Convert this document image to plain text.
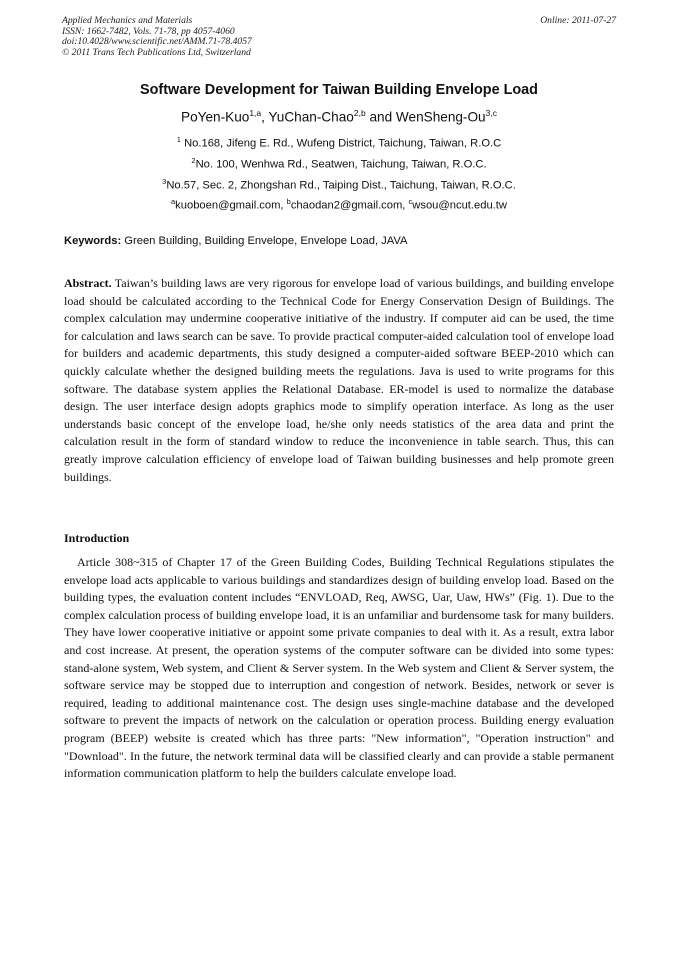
Applied Mechanics and Materials
ISSN: 1662-7482, Vols. 71-78, pp 4057-4060
doi:10.4028/www.scientific.net/AMM.71-78.4057
© 2011 Trans Tech Publications Ltd, Switzerland
Online: 2011-07-27
Software Development for Taiwan Building Envelope Load
PoYen-Kuo$^{1,a}$, YuChan-Chao$^{2,b}$ and WenSheng-Ou$^{3,c}$
$^1$ No.168, Jifeng E. Rd., Wufeng District, Taichung, Taiwan, R.O.C
$^2$No. 100, Wenhwa Rd., Seatwen, Taichung, Taiwan, R.O.C.
$^3$No.57, Sec. 2, Zhongshan Rd., Taiping Dist., Taichung, Taiwan, R.O.C.
$^a$kuoboen@gmail.com, $^b$chaodan2@gmail.com, $^c$wsou@ncut.edu.tw
Keywords: Green Building, Building Envelope, Envelope Load, JAVA
Abstract. Taiwan’s building laws are very rigorous for envelope load of various buildings, and building envelope load should be calculated according to the Technical Code for Energy Conservation Design of Buildings. The complex calculation may undermine cooperative initiative of the industry. If computer aid can be used, the time for calculation and laws search can be save. To provide practical computer-aided calculation tool of envelope load for builders and academic departments, this study designed a computer-aided software BEEP-2010 which can quickly calculate whether the designed building meets the regulations. Java is used to write programs for this software. The database system applies the Relational Database. ER-model is used to normalize the database design. The user interface design adopts graphics mode to simplify operation interface. As long as the user understands basic concept of the envelope load, he/she only needs statistics of the area data and print the calculation result in the form of standard window to reduce the inconvenience in table search. Thus, this can greatly improve calculation efficiency of envelope load of Taiwan building businesses and help promote green buildings.
Introduction
Article 308~315 of Chapter 17 of the Green Building Codes, Building Technical Regulations stipulates the envelope load acts applicable to various buildings and standardizes design of building envelop load. Based on the building types, the evaluation content includes “ENVLOAD, Req, AWSG, Uar, Uaw, HWs” (Fig. 1). Due to the complex calculation process of building envelope load, it is an unfamiliar and burdensome task for many builders. They have lower cooperative initiative or appoint some private companies to deal with it. As a result, extra labor and cost increase. At present, the operation systems of the computer software can be divided into some types: stand-alone system, Web system, and Client & Server system. In the Web system and Client & Server system, the software service may be stopped due to interruption and congestion of network. Besides, network or sever is required, leading to additional maintenance cost. The design uses single-machine database and the developed software to prevent the impacts of network on the calculation or operation process. Building energy evaluation program (BEEP) website is created which has three parts: "New information", "Operation instruction" and "Download". In the future, the network terminal data will be classified clearly and can provide a stable permanent information communication platform to help the builders calculate envelope load.
